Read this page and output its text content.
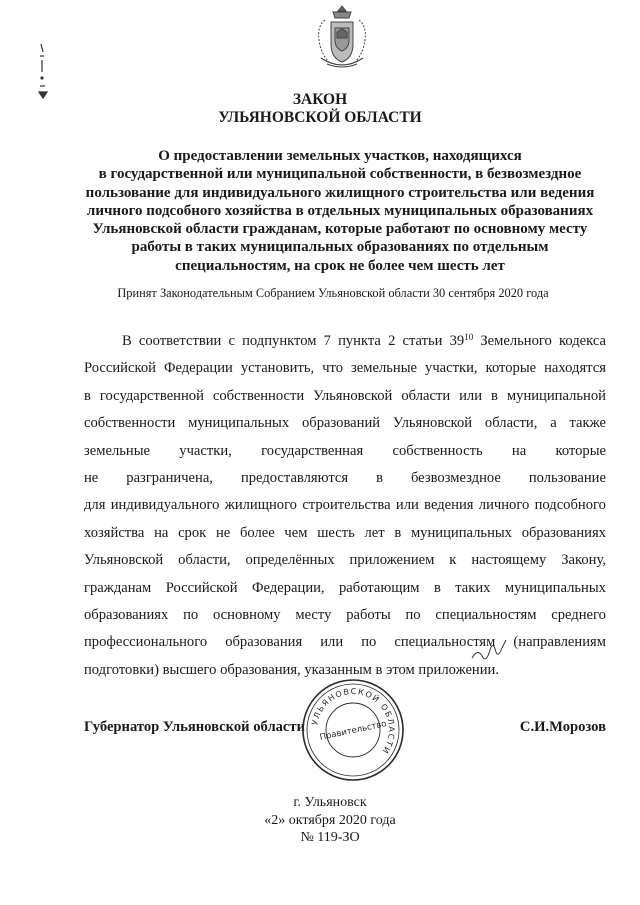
ЗАКОН
УЛЬЯНОВСКОЙ ОБЛАСТИ
О предоставлении земельных участков, находящихся
в государственной или муниципальной собственности, в безвозмездное
пользование для индивидуального жилищного строительства или ведения
личного подсобного хозяйства в отдельных муниципальных образованиях
Ульяновской области гражданам, которые работают по основному месту
работы в таких муниципальных образованиях по отдельным
специальностям, на срок не более чем шесть лет
Принят Законодательным Собранием Ульяновской области 30 сентября 2020 года
В соответствии с подпунктом 7 пункта 2 статьи $39^{10}$ Земельного кодекса
Российской Федерации установить, что земельные участки, которые находятся
в государственной собственности Ульяновской области или в муниципальной
собственности муниципальных образований Ульяновской области, а также
земельные участки, государственная собственность на которые
не разграничена, предоставляются в безвозмездное пользование
для индивидуального жилищного строительства или ведения личного подсобного
хозяйства на срок не более чем шесть лет в муниципальных образованиях
Ульяновской области, определённых приложением к настоящему Закону,
гражданам Российской Федерации, работающим в таких муниципальных
образованиях по основному месту работы по специальностям среднего
профессионального образования или по специальностям (направлениям
подготовки) высшего образования, указанным в этом приложении.
Губернатор Ульяновской области	С.И.Морозов
УЛЬЯНОВСКОЙ ОБЛАСТИ
Правительство
г. Ульяновск
«2» октября 2020 года
№ 119-ЗО
